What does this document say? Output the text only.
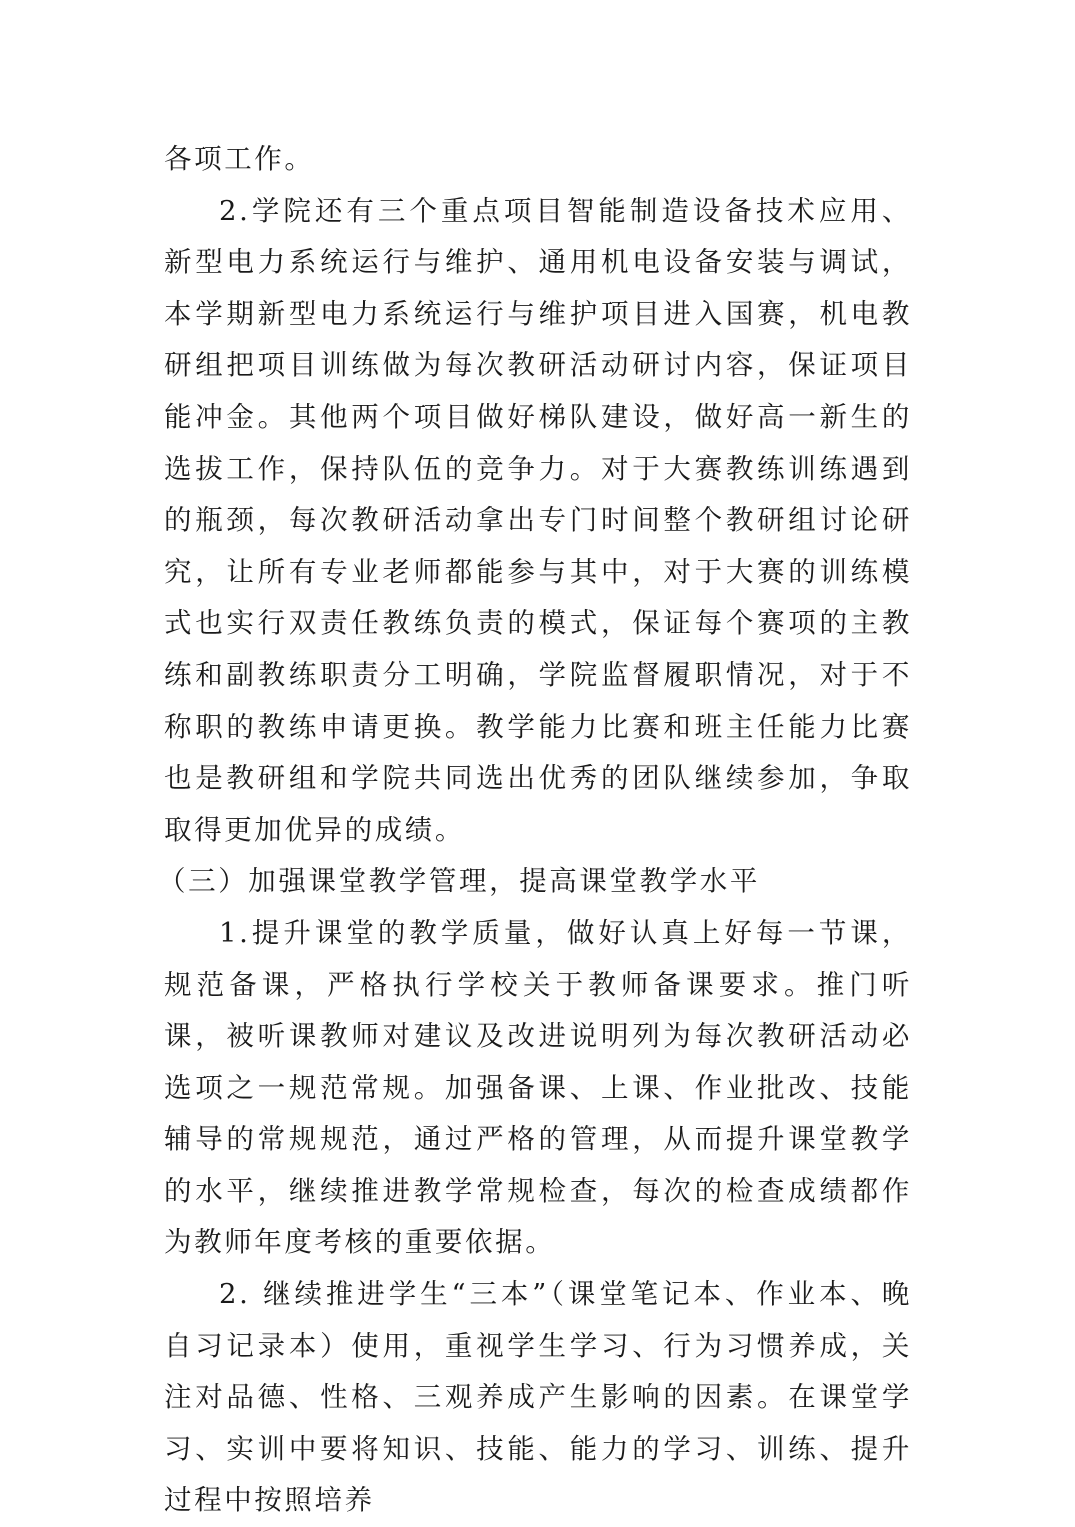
各项工作。

2.学院还有三个重点项目智能制造设备技术应用、新型电力系统运行与维护、通用机电设备安装与调试，本学期新型电力系统运行与维护项目进入国赛，机电教研组把项目训练做为每次教研活动研讨内容，保证项目能冲金。其他两个项目做好梯队建设，做好高一新生的选拔工作，保持队伍的竞争力。对于大赛教练训练遇到的瓶颈，每次教研活动拿出专门时间整个教研组讨论研究，让所有专业老师都能参与其中，对于大赛的训练模式也实行双责任教练负责的模式，保证每个赛项的主教练和副教练职责分工明确，学院监督履职情况，对于不称职的教练申请更换。教学能力比赛和班主任能力比赛也是教研组和学院共同选出优秀的团队继续参加，争取取得更加优异的成绩。

（三）加强课堂教学管理，提高课堂教学水平

1.提升课堂的教学质量，做好认真上好每一节课，规范备课，严格执行学校关于教师备课要求。推门听课，被听课教师对建议及改进说明列为每次教研活动必选项之一规范常规。加强备课、上课、作业批改、技能辅导的常规规范，通过严格的管理，从而提升课堂教学的水平，继续推进教学常规检查，每次的检查成绩都作为教师年度考核的重要依据。

2. 继续推进学生“三本”（课堂笔记本、作业本、晚自习记录本）使用，重视学生学习、行为习惯养成，关注对品德、性格、三观养成产生影响的因素。在课堂学习、实训中要将知识、技能、能力的学习、训练、提升过程中按照培养
